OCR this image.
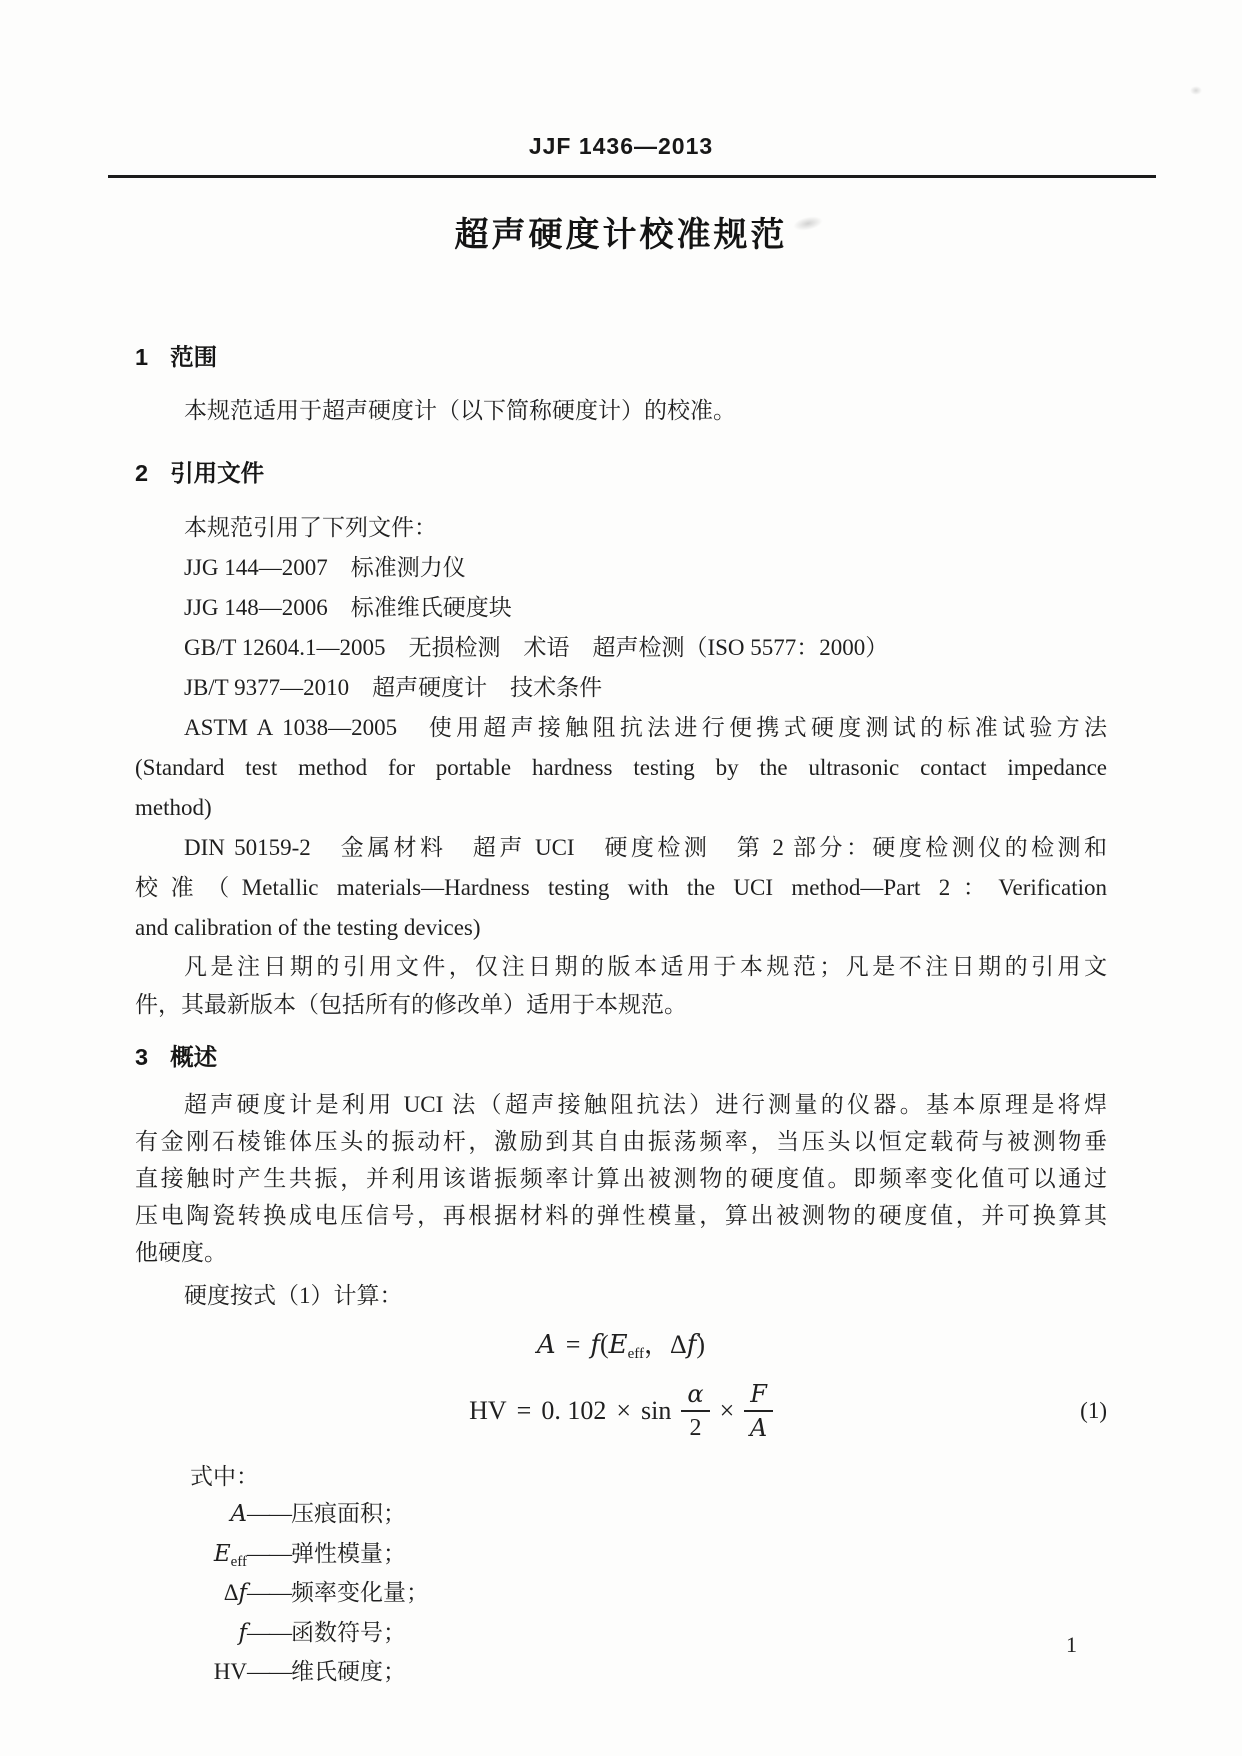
JJF 1436—2013
超声硬度计校准规范
1 范围
本规范适用于超声硬度计（以下简称硬度计）的校准。
2 引用文件
本规范引用了下列文件：
JJG 144—2007　标准测力仪
JJG 148—2006　标准维氏硬度块
GB/T 12604.1—2005　无损检测　术语　超声检测（ISO 5577：2000）
JB/T 9377—2010　超声硬度计　技术条件
ASTM A 1038—2005　使用超声接触阻抗法进行便携式硬度测试的标准试验方法
(Standard test method for portable hardness testing by the ultrasonic contact impedance
method)
DIN 50159-2　金属材料　超声 UCI　硬度检测　第 2 部分：硬度检测仪的检测和
校准（Metallic materials—Hardness testing with the UCI method—Part 2：Verification
and calibration of the testing devices)
凡是注日期的引用文件，仅注日期的版本适用于本规范；凡是不注日期的引用文
件，其最新版本（包括所有的修改单）适用于本规范。
3 概述
超声硬度计是利用 UCI 法（超声接触阻抗法）进行测量的仪器。基本原理是将焊
有金刚石棱锥体压头的振动杆，激励到其自由振荡频率，当压头以恒定载荷与被测物垂
直接触时产生共振，并利用该谐振频率计算出被测物的硬度值。即频率变化值可以通过
压电陶瓷转换成电压信号，再根据材料的弹性模量，算出被测物的硬度值，并可换算其
他硬度。
硬度按式（1）计算：
A = f(Eeff，Δf)
HV = 0. $102 \times \sin \frac{\alpha}{2} \times \frac{F}{A}$	(1)
式中：
A——压痕面积；
$E_{eff}——$弹性模量；
Δf——频率变化量；
f——函数符号；
HV——维氏硬度；
1
